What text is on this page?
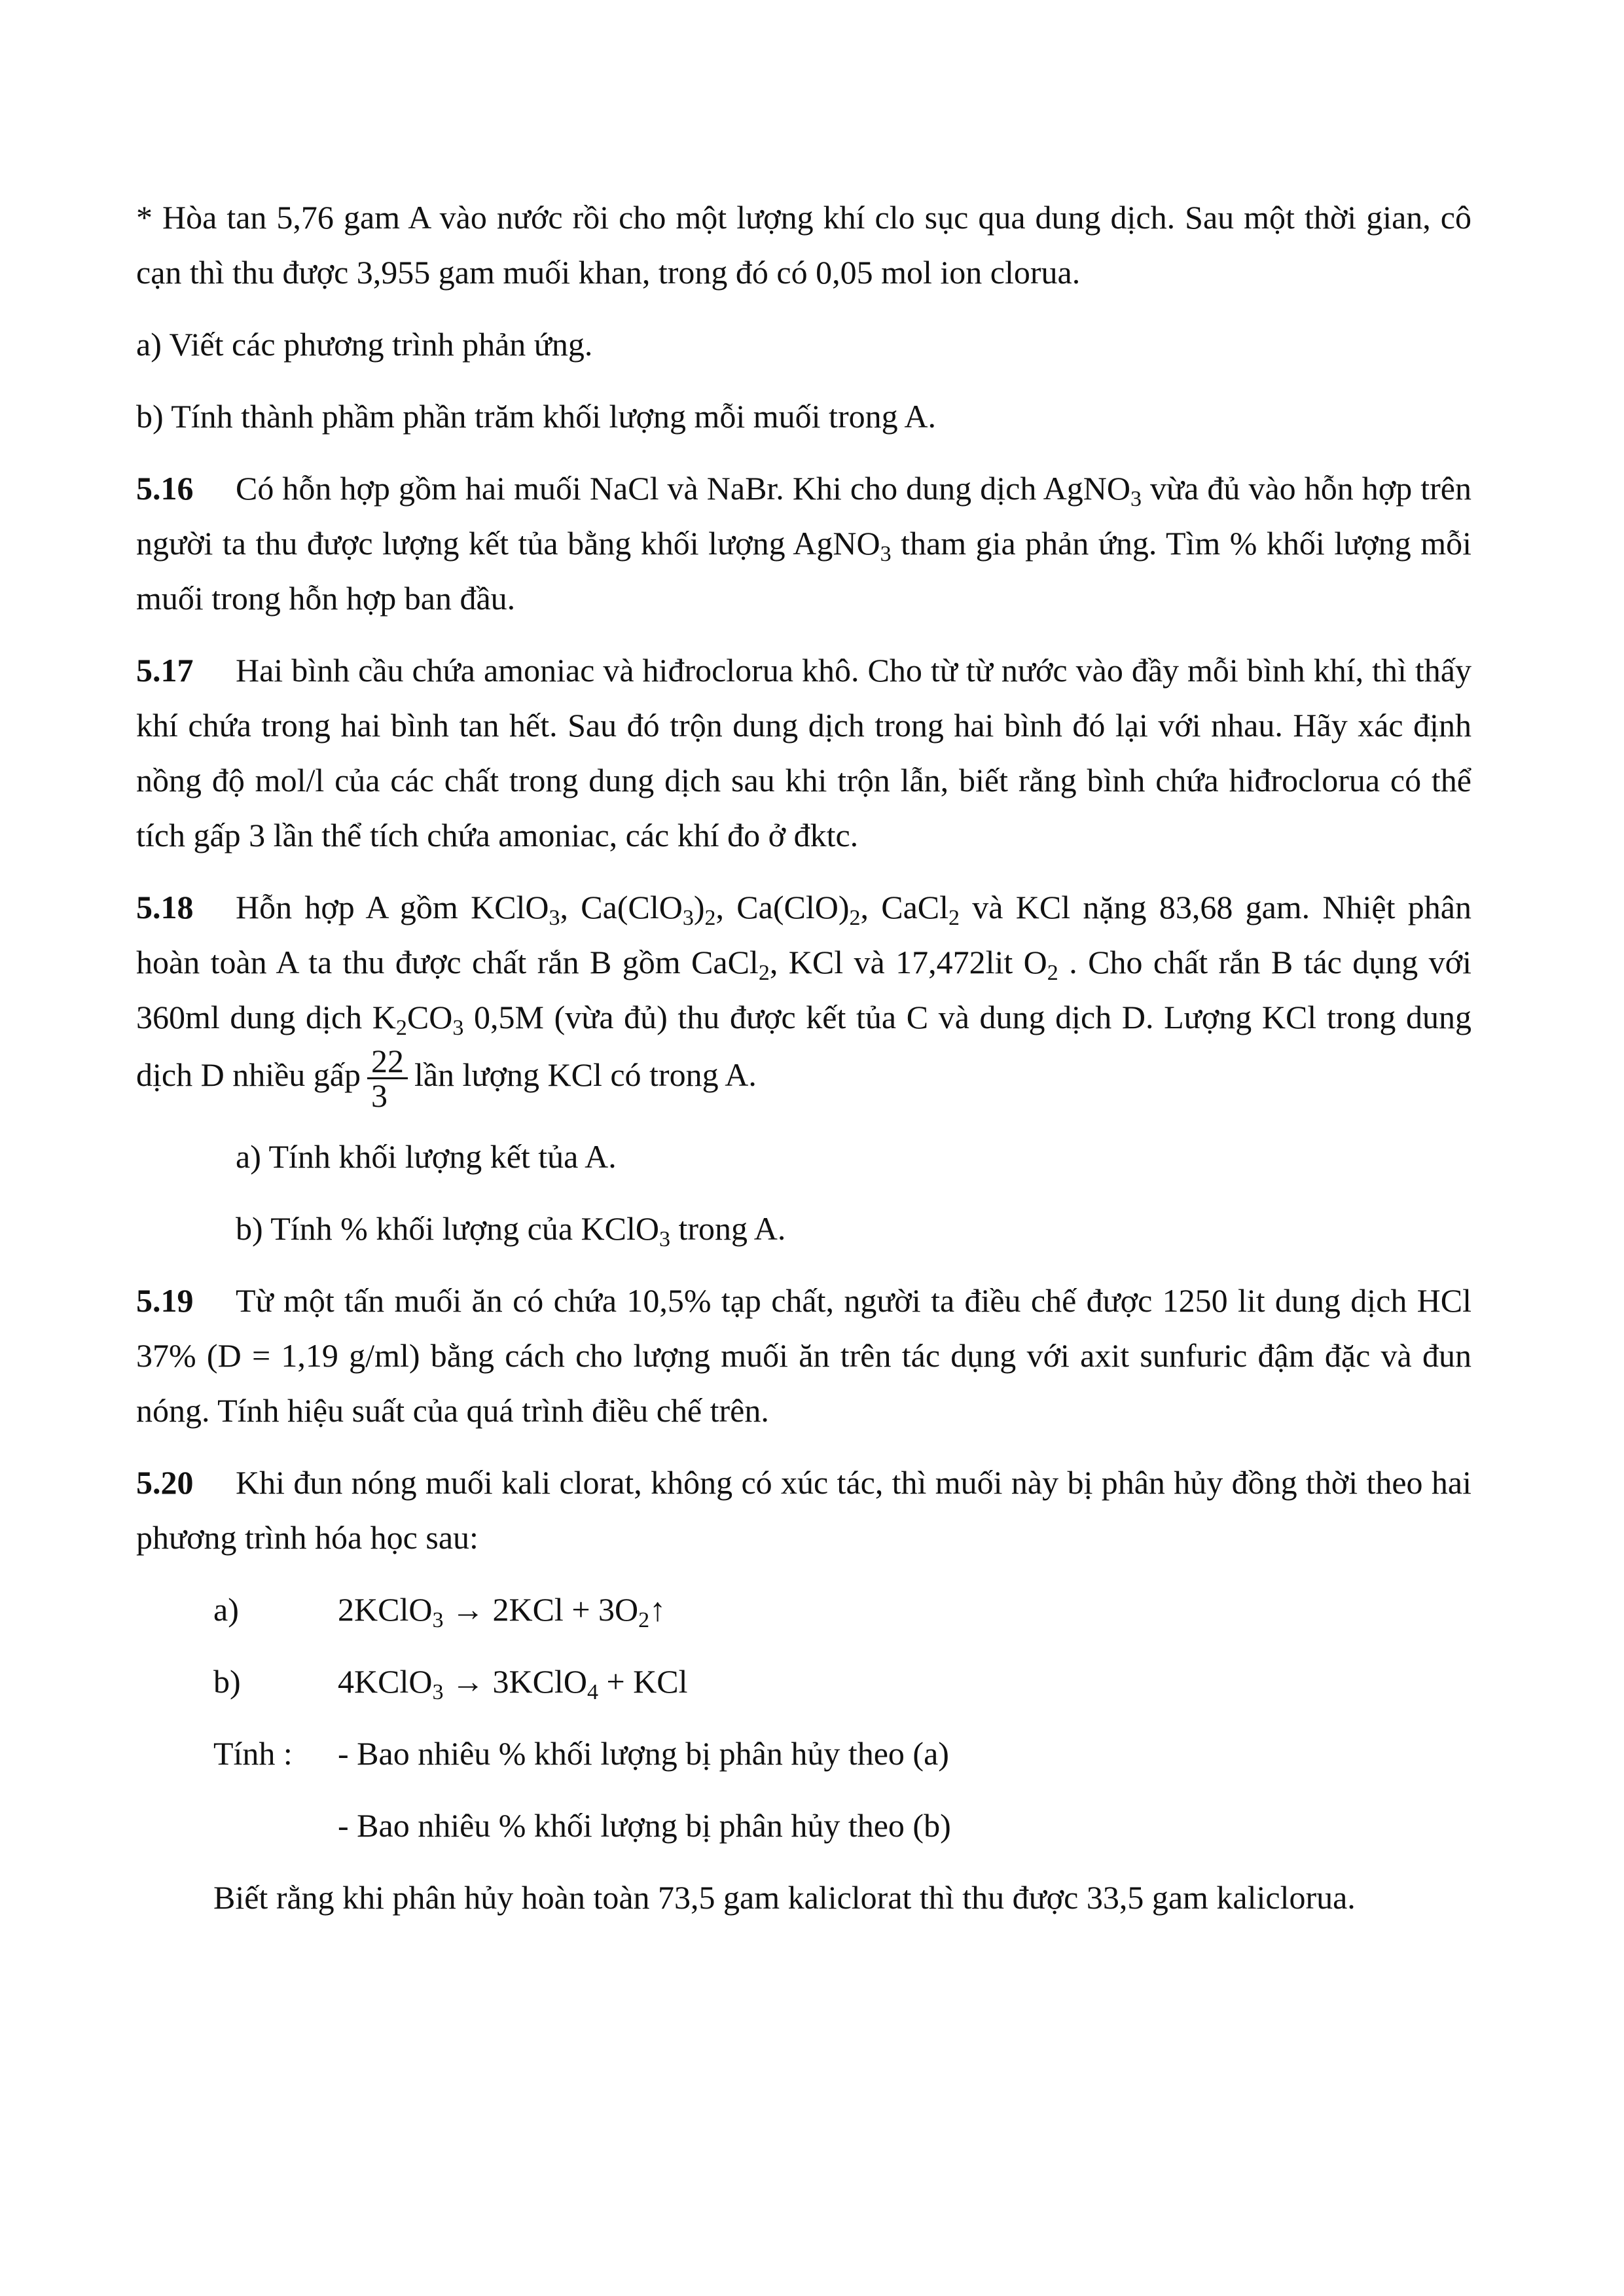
* Hòa tan 5,76 gam A vào nước rồi cho một lượng khí clo sục qua dung dịch. Sau một thời gian, cô cạn thì thu được 3,955 gam muối khan, trong đó có 0,05 mol ion clorua.

a) Viết các phương trình phản ứng.

b) Tính thành phầm phần trăm khối lượng mỗi muối trong A.

5.16 Có hỗn hợp gồm hai muối NaCl và NaBr. Khi cho dung dịch AgNO$_3$ vừa đủ vào hỗn hợp trên người ta thu được lượng kết tủa bằng khối lượng AgNO$_3$ tham gia phản ứng. Tìm % khối lượng mỗi muối trong hỗn hợp ban đầu.

5.17 Hai bình cầu chứa amoniac và hiđroclorua khô. Cho từ từ nước vào đầy mỗi bình khí, thì thấy khí chứa trong hai bình tan hết. Sau đó trộn dung dịch trong hai bình đó lại với nhau. Hãy xác định nồng độ mol/l của các chất trong dung dịch sau khi trộn lẫn, biết rằng bình chứa hiđroclorua có thể tích gấp 3 lần thể tích chứa amoniac, các khí đo ở đktc.

5.18 Hỗn hợp A gồm KClO$_3$, $Ca(ClO_3)_2$, $Ca(ClO)_2$, CaCl$_2$ và KCl nặng 83,68 gam. Nhiệt phân hoàn toàn A ta thu được chất rắn B gồm CaCl$_2$, KCl và 17,472lit $O_2$ . Cho chất rắn B tác dụng với 360ml dung dịch $K_2CO_3$ 0,5M (vừa đủ) thu được kết tủa C và dung dịch D. Lượng KCl trong dung dịch D nhiều gấp $\frac{22}{3}$ lần lượng KCl có trong A.

a) Tính khối lượng kết tủa A.

b) Tính % khối lượng của KClO$_3$ trong A.

5.19 Từ một tấn muối ăn có chứa 10,5% tạp chất, người ta điều chế được 1250 lit dung dịch HCl 37% (D = 1,19 g/ml) bằng cách cho lượng muối ăn trên tác dụng với axit sunfuric đậm đặc và đun nóng. Tính hiệu suất của quá trình điều chế trên.

5.20 Khi đun nóng muối kali clorat, không có xúc tác, thì muối này bị phân hủy đồng thời theo hai phương trình hóa học sau:

a)	2KClO$_3$ → $2KCl + 3O_2↑$

b)	4KClO$_3$ → 3KClO$_4$ + KCl

Tính : - Bao nhiêu % khối lượng bị phân hủy theo (a)

- Bao nhiêu % khối lượng bị phân hủy theo (b)

Biết rằng khi phân hủy hoàn toàn 73,5 gam kaliclorat thì thu được 33,5 gam kaliclorua.
